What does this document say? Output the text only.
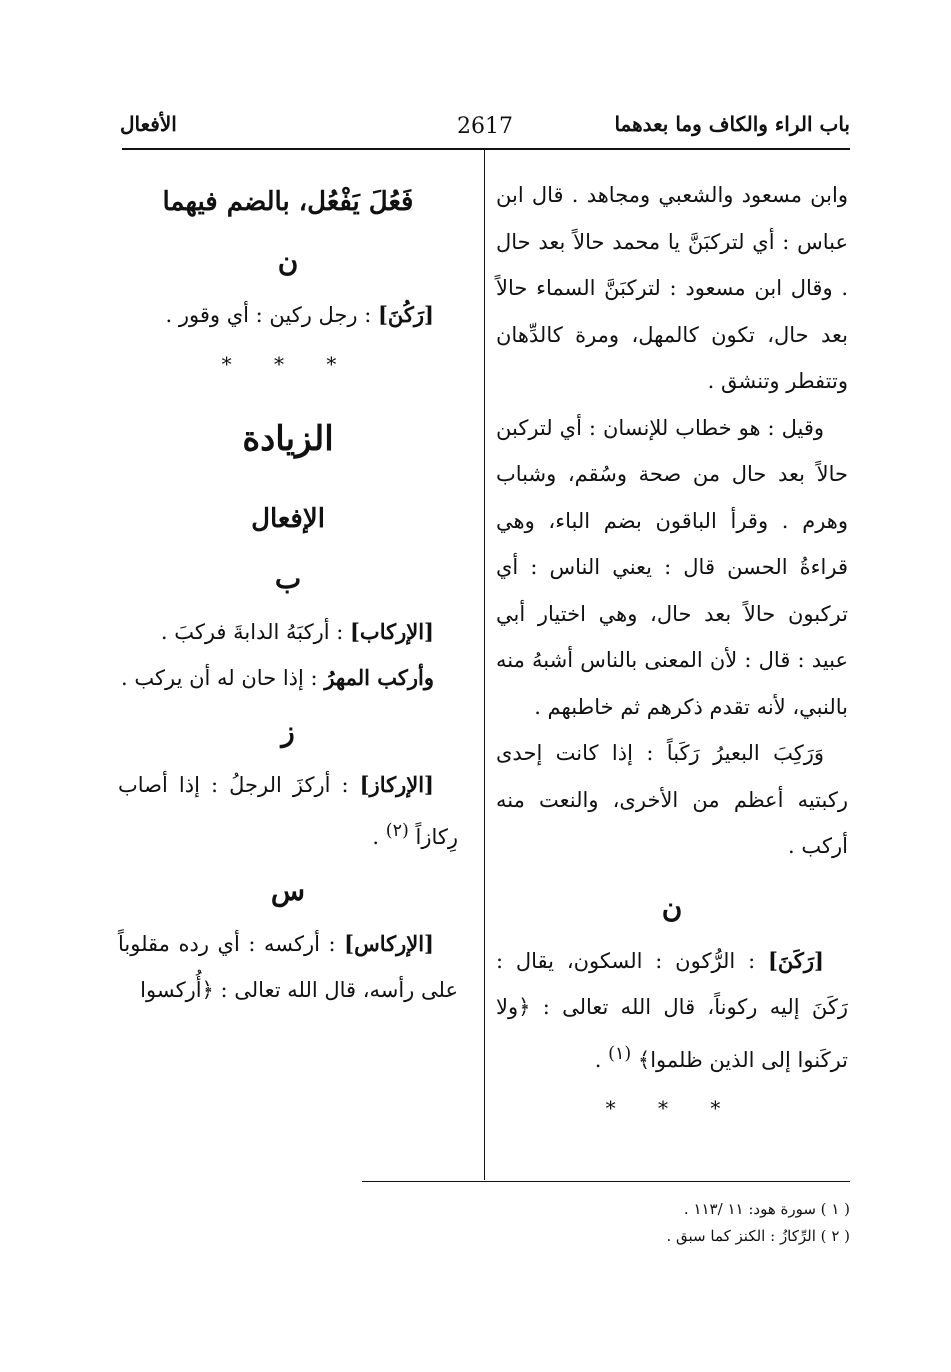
باب الراء والكاف وما بعدهما
2617
الأفعال

وابن مسعود والشعبي ومجاهد . قال ابن عباس : أي لتركبَنَّ يا محمد حالاً بعد حال . وقال ابن مسعود : لتركبَنَّ السماء حالاً بعد حال، تكون كالمهل، ومرة كالدِّهان وتتفطر وتنشق .

وقيل : هو خطاب للإنسان : أي لتركبن حالاً بعد حال من صحة وسُقم، وشباب وهرم . وقرأ الباقون بضم الباء، وهي قراءةُ الحسن قال : يعني الناس : أي تركبون حالاً بعد حال، وهي اختيار أبي عبيد : قال : لأن المعنى بالناس أشبهُ منه بالنبي، لأنه تقدم ذكرهم ثم خاطبهم .

وَرَكِبَ البعيرُ رَكَباً : إذا كانت إحدى ركبتيه أعظم من الأخرى، والنعت منه أركب .

ن

[رَكَنَ] : الرُّكون : السكون، يقال : رَكَنَ إليه ركوناً، قال الله تعالى : ﴿ولا تركَنوا إلى الذين ظلموا﴾ $^{(١)}$ .

* * *
فَعُلَ يَفْعُل، بالضم فيهما
ن

[رَكُنَ] : رجل ركين : أي وقور .

* * *
الزيادة
الإفعال
ب

[الإركاب] : أركبَهُ الدابةَ فركبَ .

وأركب المهرُ : إذا حان له أن يركب .

ز

[الإركاز] : أركزَ الرجلُ : إذا أصاب رِكازاً $^{(٢)}$ .

س

[الإركاس] : أركسه : أي رده مقلوباً على رأسه، قال الله تعالى : ﴿أُركسوا

( ١ ) سورة هود: ١١ /١١٣ .
( ٢ ) الرِّكازُ : الكنز كما سبق .
